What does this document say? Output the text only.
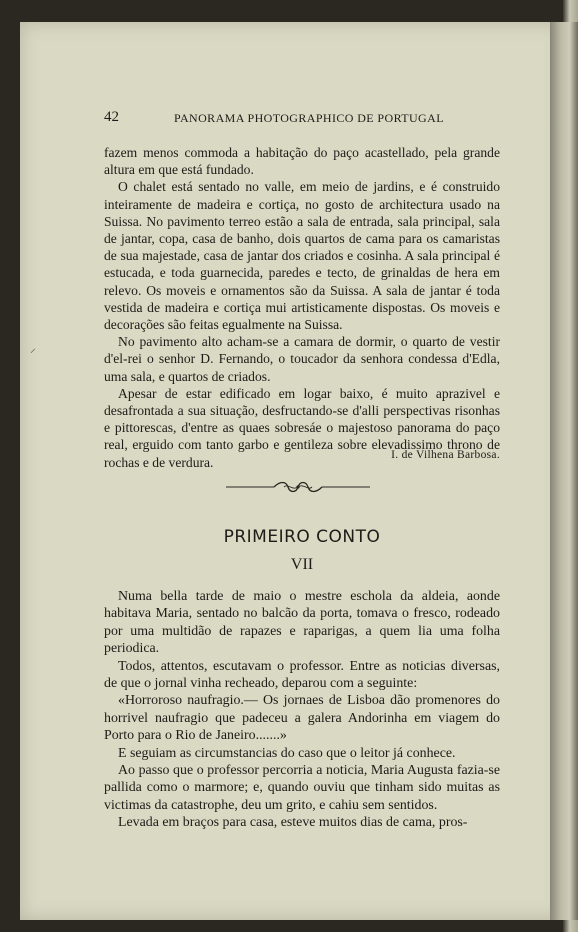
42	PANORAMA PHOTOGRAPHICO DE PORTUGAL
⸝

fazem menos commoda a habitação do paço acastellado, pela grande altura em que está fundado.

O chalet está sentado no valle, em meio de jardins, e é construido inteiramente de madeira e cortiça, no gosto de architectura usado na Suissa. No pavimento terreo estão a sala de entrada, sala principal, sala de jantar, copa, casa de banho, dois quartos de cama para os camaristas de sua majestade, casa de jantar dos criados e cosinha. A sala principal é estucada, e toda guarnecida, paredes e tecto, de grinaldas de hera em relevo. Os moveis e ornamentos são da Suissa. A sala de jantar é toda vestida de madeira e cortiça mui artisticamente dispostas. Os moveis e decorações são feitas egualmente na Suissa.

No pavimento alto acham-se a camara de dormir, o quarto de vestir d'el-rei o senhor D. Fernando, o toucador da senhora condessa d'Edla, uma sala, e quartos de criados.

Apesar de estar edificado em logar baixo, é muito aprazivel e desafrontada a sua situação, desfructando-se d'alli perspectivas risonhas e pittorescas, d'entre as quaes sobresáe o majestoso panorama do paço real, erguido com tanto garbo e gentileza sobre elevadissimo throno de rochas e de verdura.	I. de Vilhena Barbosa.
PRIMEIRO CONTO
VII

Numa bella tarde de maio o mestre eschola da aldeia, aonde habitava Maria, sentado no balcão da porta, tomava o fresco, rodeado por uma multidão de rapazes e raparigas, a quem lia uma folha periodica.

Todos, attentos, escutavam o professor. Entre as noticias diversas, de que o jornal vinha recheado, deparou com a seguinte:

«Horroroso naufragio.— Os jornaes de Lisboa dão promenores do horrivel naufragio que padeceu a galera Andorinha em viagem do Porto para o Rio de Janeiro.......»

E seguiam as circumstancias do caso que o leitor já conhece.

Ao passo que o professor percorria a noticia, Maria Augusta fazia-se pallida como o marmore; e, quando ouviu que tinham sido muitas as victimas da catastrophe, deu um grito, e cahiu sem sentidos.

Levada em braços para casa, esteve muitos dias de cama, pros-
